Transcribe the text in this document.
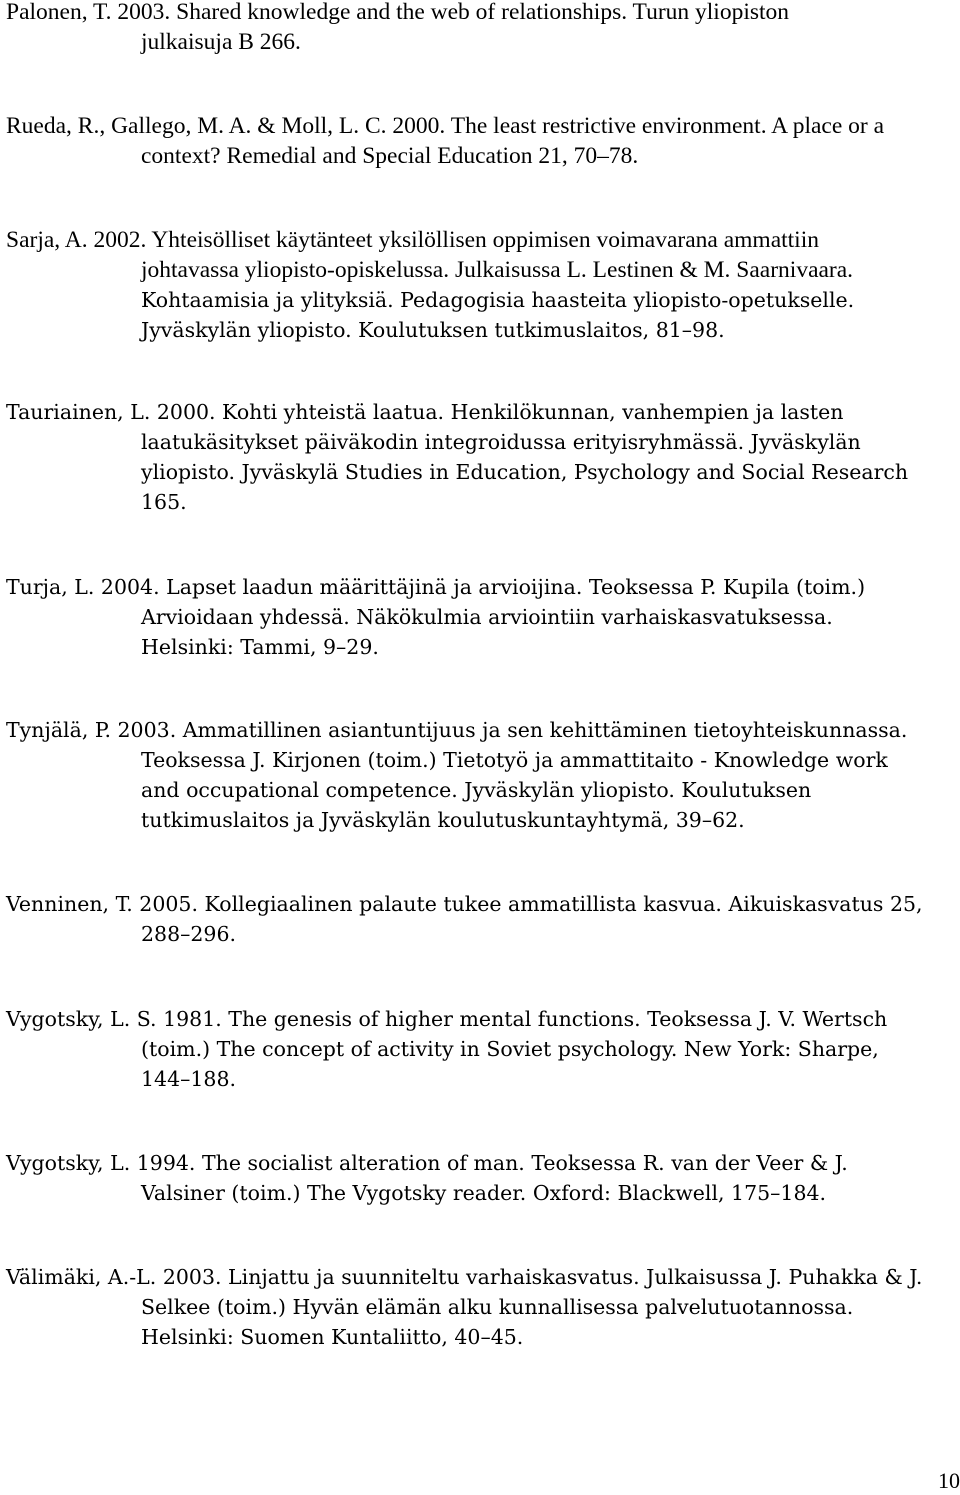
Palonen, T. 2003. Shared knowledge and the web of relationships. Turun yliopiston
julkaisuja B 266.
Rueda, R., Gallego, M. A. & Moll, L. C. 2000. The least restrictive environment. A place or a
context? Remedial and Special Education 21, 70–78.
Sarja, A. 2002. Yhteisölliset käytänteet yksilöllisen oppimisen voimavarana ammattiin
johtavassa yliopisto-opiskelussa. Julkaisussa L. Lestinen & M. Saarnivaara.
Kohtaamisia ja ylityksiä. Pedagogisia haasteita yliopisto-opetukselle.
Jyväskylän yliopisto. Koulutuksen tutkimuslaitos, 81–98.
Tauriainen, L. 2000. Kohti yhteistä laatua. Henkilökunnan, vanhempien ja lasten
laatukäsitykset päiväkodin integroidussa erityisryhmässä. Jyväskylän
yliopisto. Jyväskylä Studies in Education, Psychology and Social Research
165.
Turja, L. 2004. Lapset laadun määrittäjinä ja arvioijina. Teoksessa P. Kupila (toim.)
Arvioidaan yhdessä. Näkökulmia arviointiin varhaiskasvatuksessa.
Helsinki: Tammi, 9–29.
Tynjälä, P. 2003. Ammatillinen asiantuntijuus ja sen kehittäminen tietoyhteiskunnassa.
Teoksessa J. Kirjonen (toim.) Tietotyö ja ammattitaito - Knowledge work
and occupational competence. Jyväskylän yliopisto. Koulutuksen
tutkimuslaitos ja Jyväskylän koulutuskuntayhtymä, 39–62.
Venninen, T. 2005. Kollegiaalinen palaute tukee ammatillista kasvua. Aikuiskasvatus 25,
288–296.
Vygotsky, L. S. 1981. The genesis of higher mental functions. Teoksessa J. V. Wertsch
(toim.) The concept of activity in Soviet psychology. New York: Sharpe,
144–188.
Vygotsky, L. 1994. The socialist alteration of man. Teoksessa R. van der Veer & J.
Valsiner (toim.) The Vygotsky reader. Oxford: Blackwell, 175–184.
Välimäki, A.-L. 2003. Linjattu ja suunniteltu varhaiskasvatus. Julkaisussa J. Puhakka & J.
Selkee (toim.) Hyvän elämän alku kunnallisessa palvelutuotannossa.
Helsinki: Suomen Kuntaliitto, 40–45.
10
